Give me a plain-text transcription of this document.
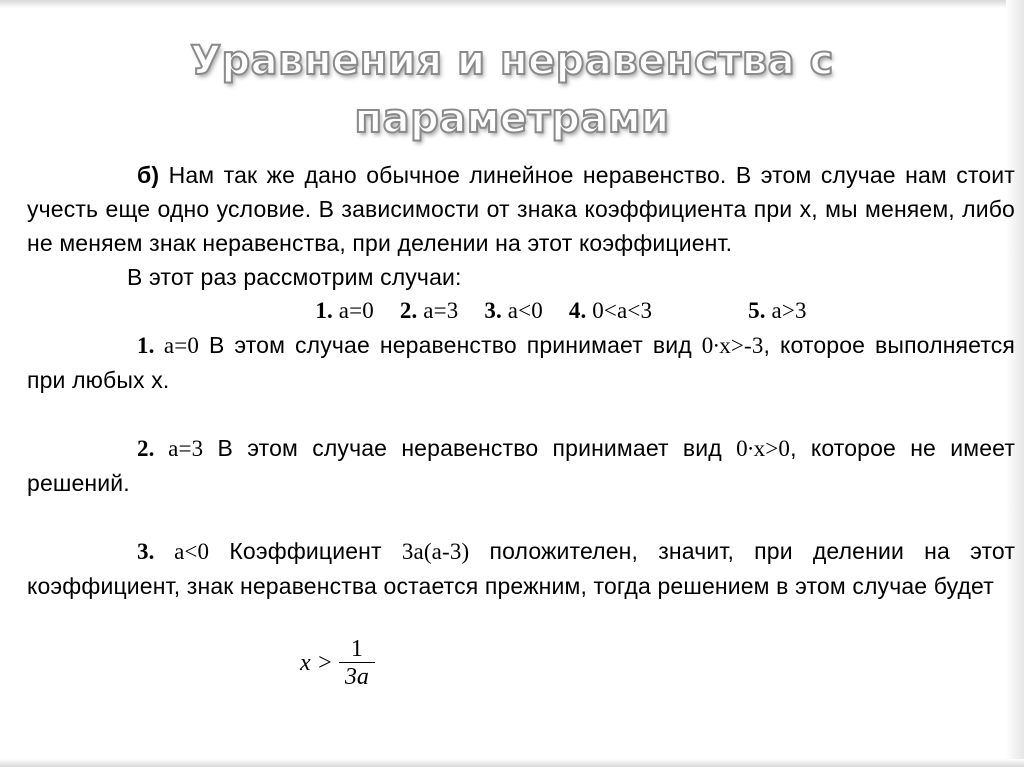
Уравнения и неравенства с
параметрами

б) Нам так же дано обычное линейное неравенство. В этом случае нам стоит учесть еще одно условие. В зависимости от знака коэффициента при x, мы меняем, либо не меняем знак неравенства, при делении на этот коэффициент.

В этот раз рассмотрим случаи:

1. a=0 2. a=3 3. a<0 4. 0<a<3	5. a>3

1. a=0 В этом случае неравенство принимает вид 0∙x>-3, которое выполняется при любых x.

2. a=3 В этом случае неравенство принимает вид 0∙x>0, которое не имеет решений.

3. a<0 Коэффициент 3a(a-3) положителен, значит, при делении на этот коэффициент, знак неравенства остается прежним, тогда решением в этом случае будет

$x > \frac{1}{3a}$
